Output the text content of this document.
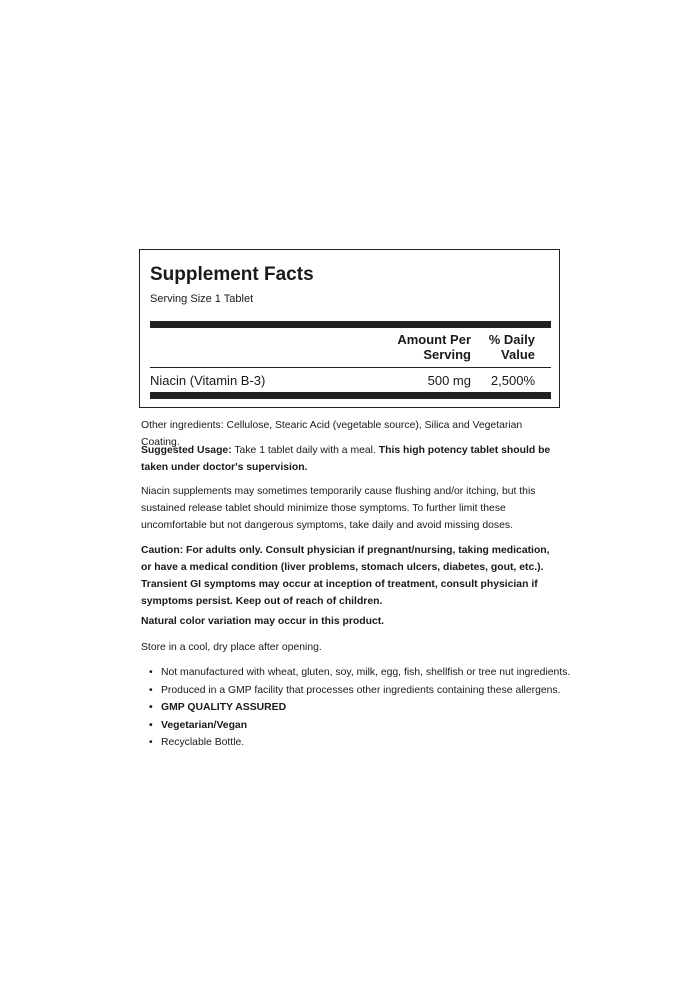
Supplement Facts
Serving Size 1 Tablet
Amount Per
Serving
% Daily
Value
Niacin (Vitamin B-3)	500 mg 2,500%
Other ingredients: Cellulose, Stearic Acid (vegetable source), Silica and Vegetarian Coating.
Suggested Usage: Take 1 tablet daily with a meal. This high potency tablet should be taken under doctor's supervision.
Niacin supplements may sometimes temporarily cause flushing and/or itching, but this sustained release tablet should minimize those symptoms. To further limit these uncomfortable but not dangerous symptoms, take daily and avoid missing doses.
Caution: For adults only. Consult physician if pregnant/nursing, taking medication, or have a medical condition (liver problems, stomach ulcers, diabetes, gout, etc.). Transient GI symptoms may occur at inception of treatment, consult physician if symptoms persist. Keep out of reach of children.
Natural color variation may occur in this product.
Store in a cool, dry place after opening.
• Not manufactured with wheat, gluten, soy, milk, egg, fish, shellfish or tree nut ingredients.
• Produced in a GMP facility that processes other ingredients containing these allergens.
• GMP QUALITY ASSURED
• Vegetarian/Vegan
• Recyclable Bottle.
